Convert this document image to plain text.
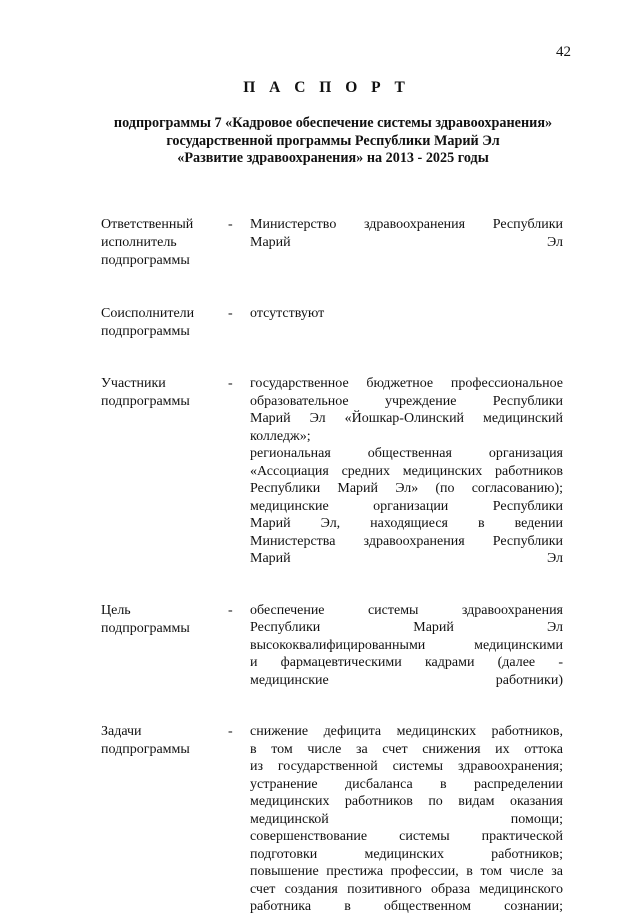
42
П А С П О Р Т
подпрограммы 7 «Кадровое обеспечение системы здравоохранения»
государственной программы Республики Марий Эл
«Развитие здравоохранения» на 2013 - 2025 годы
Ответственный
исполнитель
подпрограммы
-	Министерство здравоохранения Республики
Марий Эл
Соисполнители
подпрограммы
-	отсутствуют
Участники
подпрограммы
-	государственное бюджетное профессиональное
образовательное	учреждение	Республики
Марий Эл «Йошкар-Олинский медицинский
колледж»;
региональная	общественная	организация
«Ассоциация средних медицинских работников
Республики Марий Эл» (по согласованию);
медицинские	организации	Республики
Марий Эл, находящиеся в ведении
Министерства здравоохранения Республики
Марий Эл
Цель
подпрограммы
-	обеспечение	системы	здравоохранения
Республики	Марий	Эл
высококвалифицированными	медицинскими
и фармацевтическими кадрами (далее -
медицинские работники)
Задачи
подпрограммы
-	снижение дефицита медицинских работников,
в том числе за счет снижения их оттока
из государственной системы здравоохранения;
устранение дисбаланса в распределении
медицинских работников по видам оказания
медицинской помощи;
совершенствование системы практической
подготовки медицинских работников;
повышение престижа профессии, в том числе за
счет создания позитивного образа медицинского
работника в общественном сознании;
